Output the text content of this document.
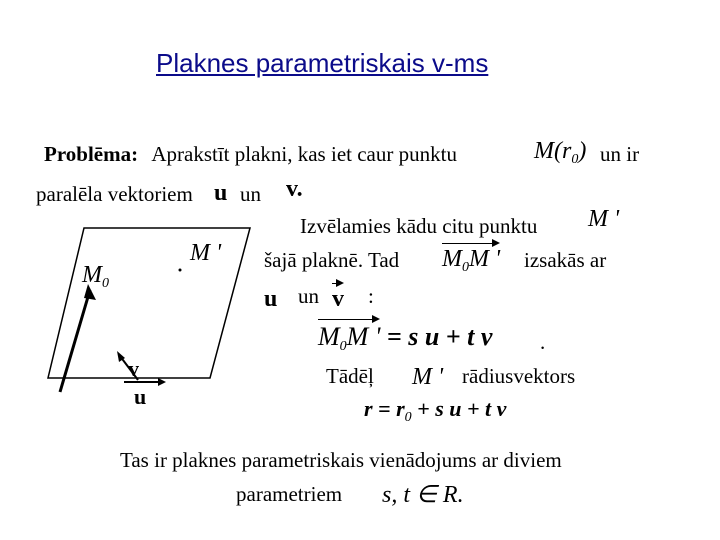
Plaknes parametriskais v-ms
Problēma: Aprakstīt plakni, kas iet caur punktu	$M(r_0)$ un ir
paralēla vektoriem u un v.
Izvēlamies kādu citu punktu M '
šajā plaknē. Tad $M_0M$ ' izsakās ar
u un v :
$M_0M$ ' = s u + t v .
Tādēļ M ' rādiusvektors
$r = r_0 + s$ u + t v
Tas ir plaknes parametriskais vienādojums ar diviem
parametriem s, t ∈ R.
$M_0$
M '
v
u
